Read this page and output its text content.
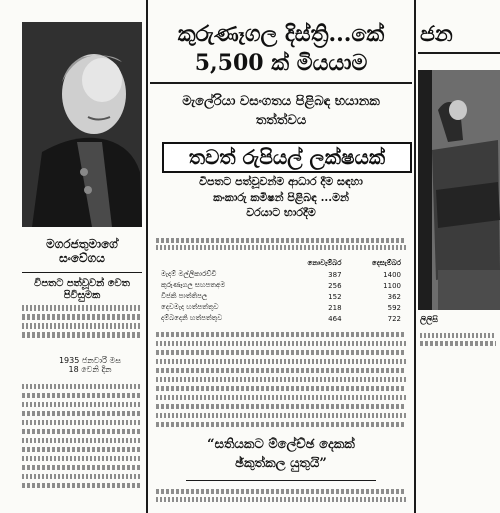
මගරජතුමාගේ
සංවේගය
විපතට පත්වූවන් වෙත
පිවිසුමක
1935 ජනවාරි මස
18 වෙනි දින
කුරුණෑගල දිස්ත්‍රි...කේ
5,500 ක් මියයාම
මැලේරියා වසංගතය පිළිබඳ භයානක
තත්ත්වය
තවත් රුපියල් ලක්ෂයක්
විපතට පත්වූවන්ම ආධාර දීම සඳහා
කංකාරු කමිෂන් පිළිබඳ ...මන්
වරයාට භාරදීම
	නොවැම්බර	දෙසැම්බර
මැදම් මල්ලිකාරච්චි	387	1400
කුරුණෑගල සහපතඅම	256	1100
විජකි පාත්තිපල	152	362
දෙවමැද හත්පත්තුව	218	592
දම්බදෙනි හත්පත්තුව	464	722
“සතියකට ම්‍ලේච්ඡ දෙකක්
ඡ්කුත්කල යුතුයි”
ජන
ලිලිසි
